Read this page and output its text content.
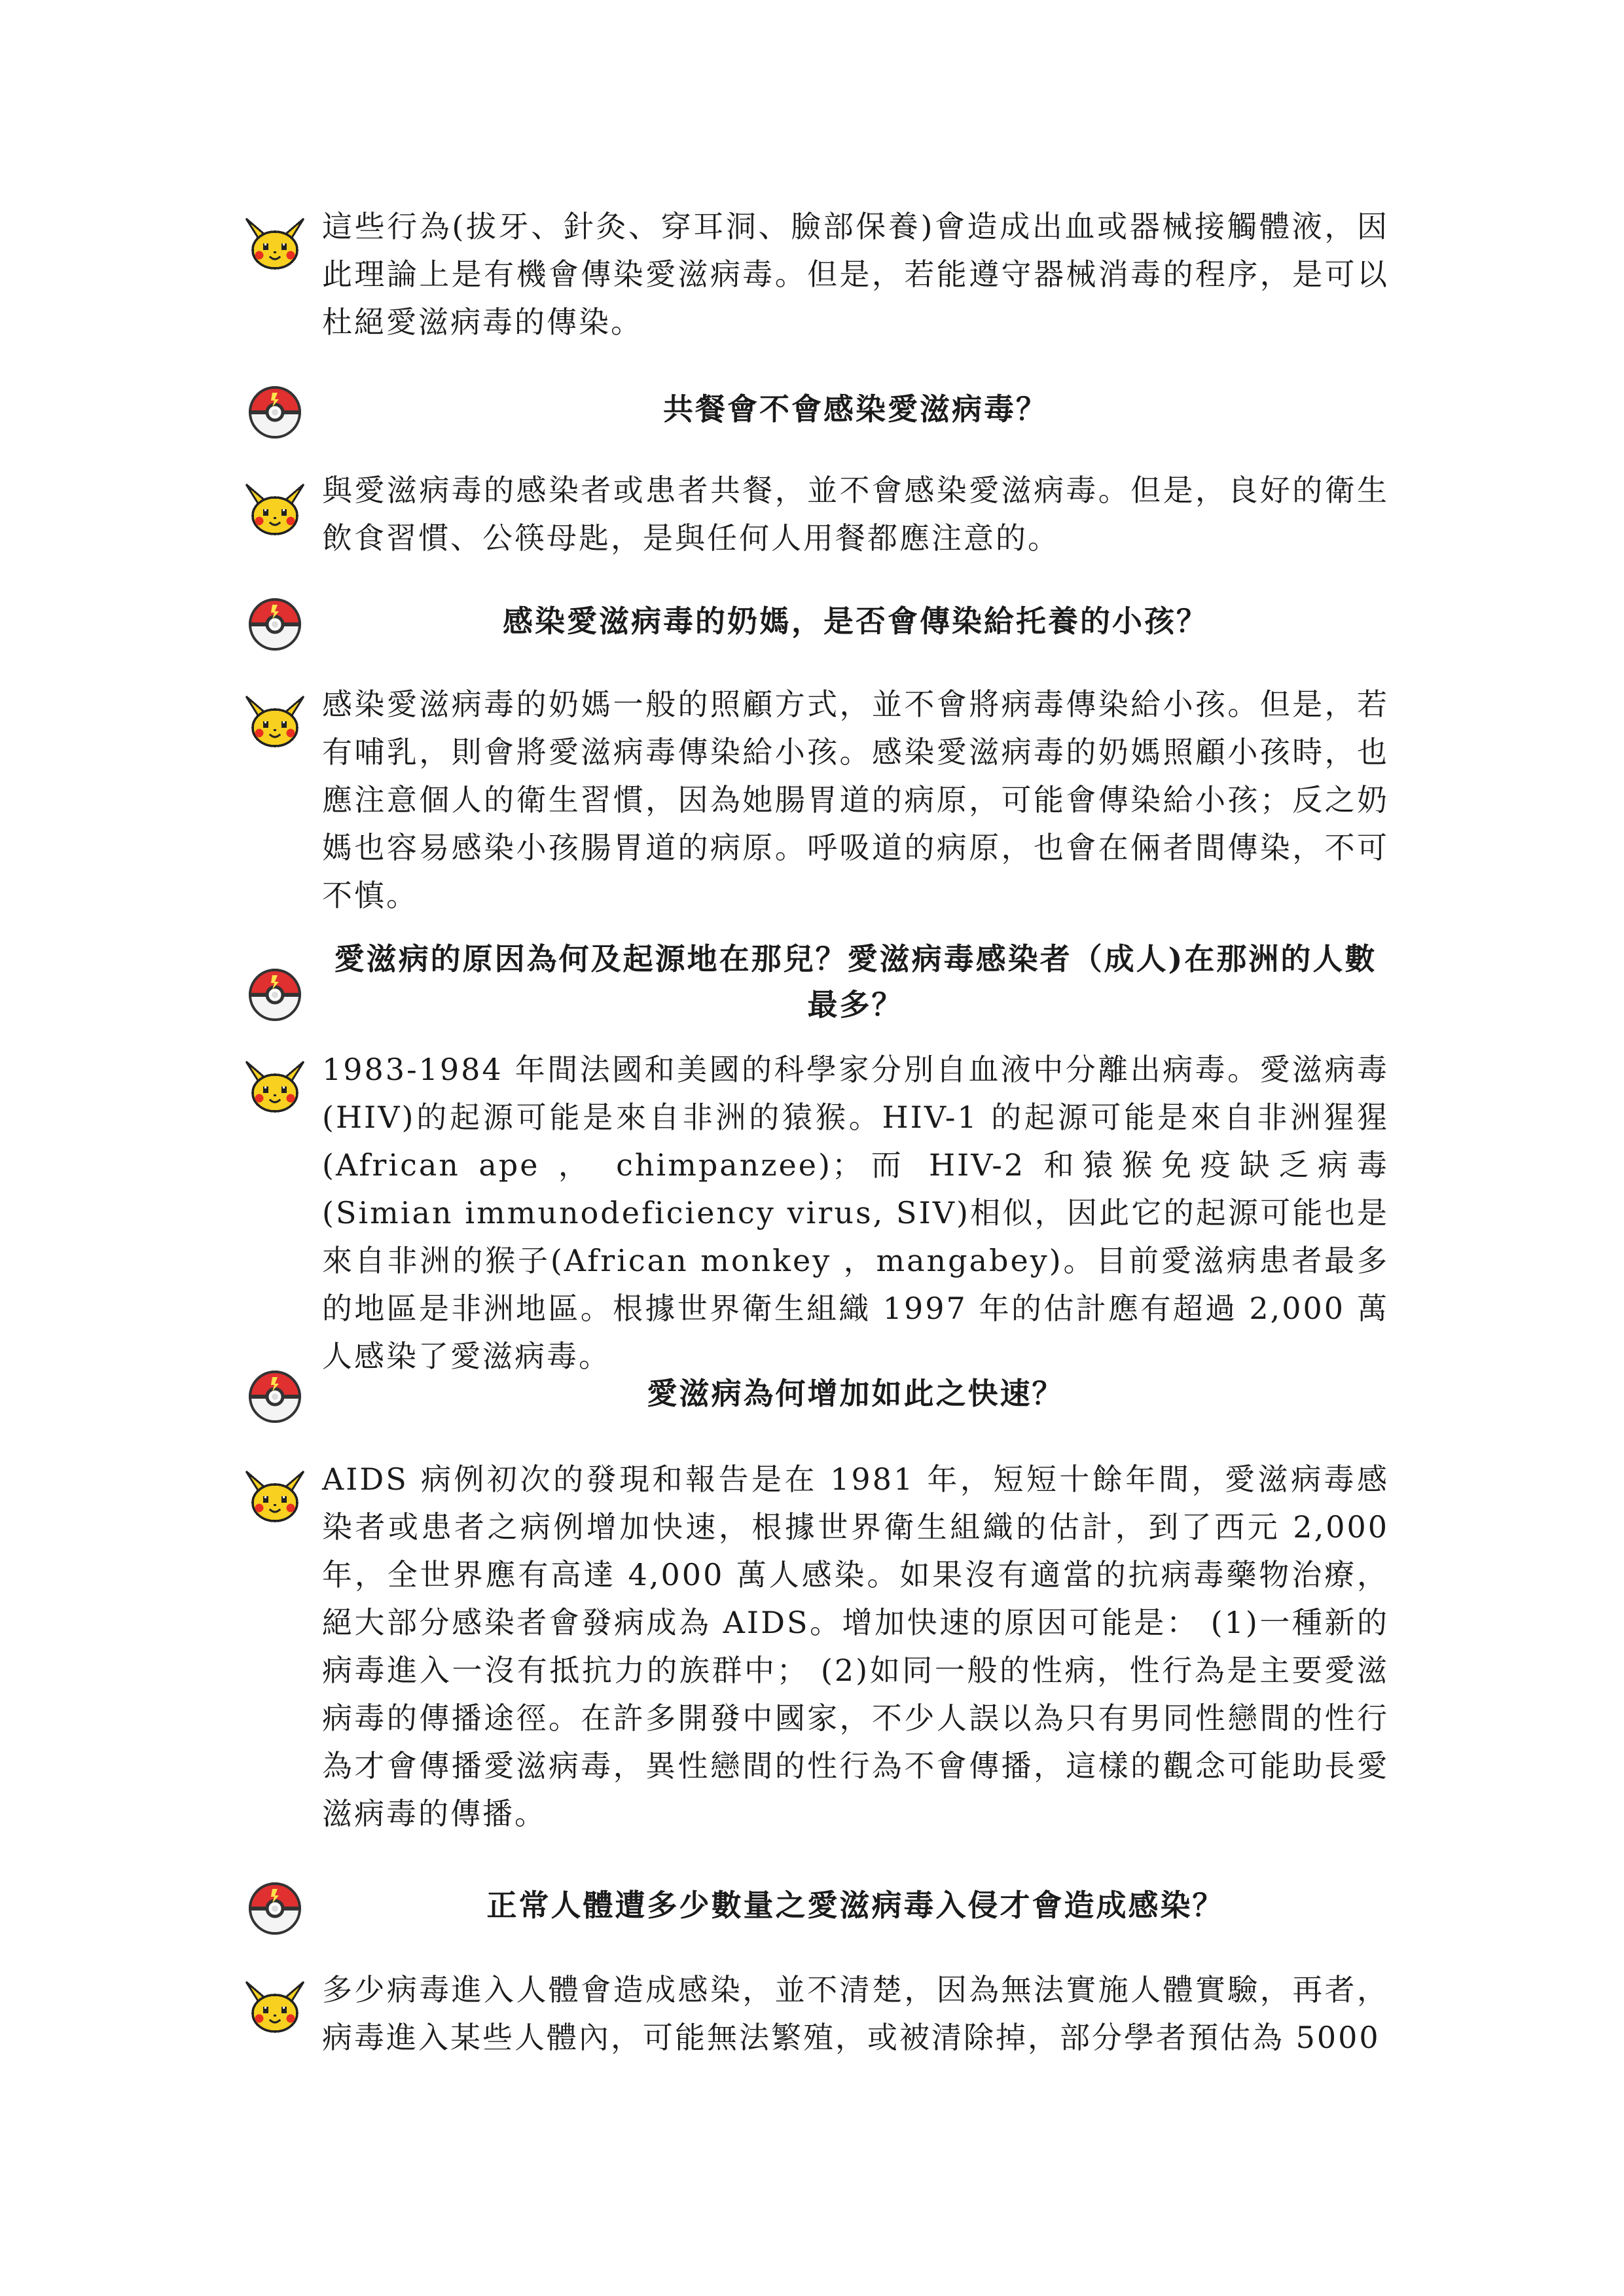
這些行為(拔牙、針灸、穿耳洞、臉部保養)會造成出血或器械接觸體液，因此理論上是有機會傳染愛滋病毒。但是，若能遵守器械消毒的程序，是可以杜絕愛滋病毒的傳染。

共餐會不會感染愛滋病毒？

與愛滋病毒的感染者或患者共餐，並不會感染愛滋病毒。但是，良好的衛生飲食習慣、公筷母匙，是與任何人用餐都應注意的。

感染愛滋病毒的奶媽，是否會傳染給托養的小孩？

感染愛滋病毒的奶媽一般的照顧方式，並不會將病毒傳染給小孩。但是，若有哺乳，則會將愛滋病毒傳染給小孩。感染愛滋病毒的奶媽照顧小孩時，也應注意個人的衛生習慣，因為她腸胃道的病原，可能會傳染給小孩；反之奶媽也容易感染小孩腸胃道的病原。呼吸道的病原，也會在倆者間傳染，不可不慎。

愛滋病的原因為何及起源地在那兒？愛滋病毒感染者（成人)在那洲的人數
最多？

1983-1984 年間法國和美國的科學家分別自血液中分離出病毒。愛滋病毒(HIV)的起源可能是來自非洲的猿猴。HIV-1 的起源可能是來自非洲猩猩(African ape ， chimpanzee)；而 HIV-2 和猿猴免疫缺乏病毒(Simian immunodeficiency virus, SIV)相似，因此它的起源可能也是來自非洲的猴子(African monkey ，mangabey)。目前愛滋病患者最多的地區是非洲地區。根據世界衛生組織 1997 年的估計應有超過 2,000 萬人感染了愛滋病毒。

愛滋病為何增加如此之快速？

AIDS 病例初次的發現和報告是在 1981 年，短短十餘年間，愛滋病毒感染者或患者之病例增加快速，根據世界衛生組織的估計，到了西元 2,000 年，全世界應有高達 4,000 萬人感染。如果沒有適當的抗病毒藥物治療，絕大部分感染者會發病成為 AIDS。增加快速的原因可能是： (1)一種新的病毒進入一沒有抵抗力的族群中； (2)如同一般的性病，性行為是主要愛滋病毒的傳播途徑。在許多開發中國家，不少人誤以為只有男同性戀間的性行為才會傳播愛滋病毒，異性戀間的性行為不會傳播，這樣的觀念可能助長愛滋病毒的傳播。

正常人體遭多少數量之愛滋病毒入侵才會造成感染？

多少病毒進入人體會造成感染，並不清楚，因為無法實施人體實驗，再者，病毒進入某些人體內，可能無法繁殖，或被清除掉，部分學者預估為 5000
